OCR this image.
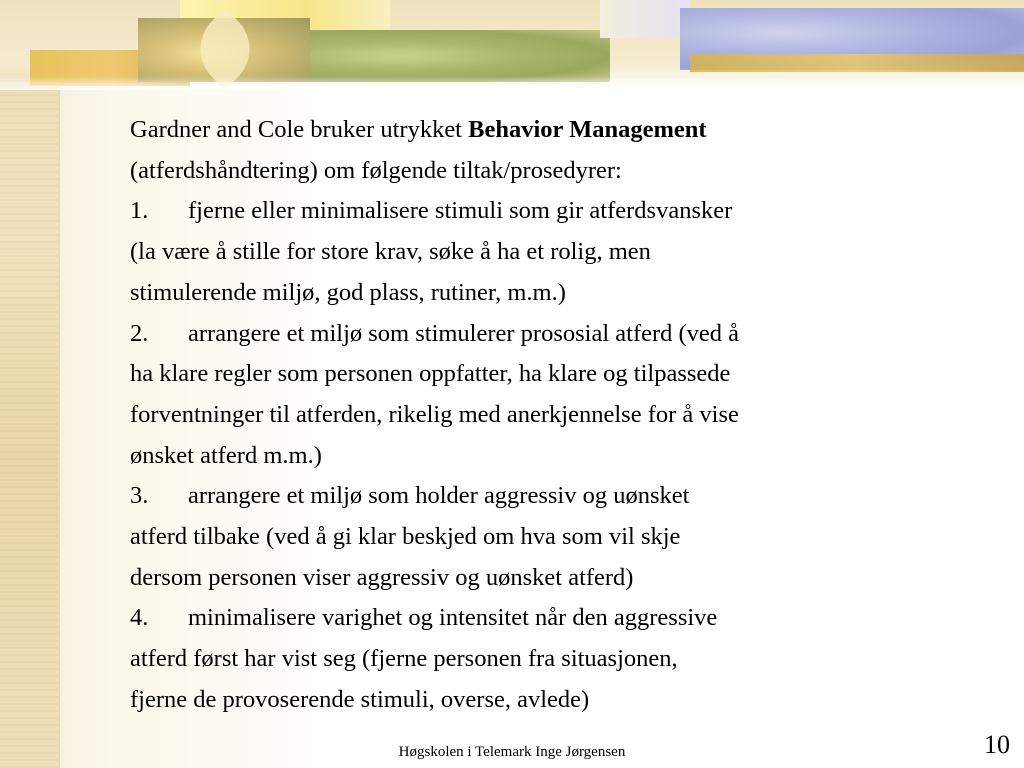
Gardner and Cole bruker utrykket Behavior Management

(atferdshåndtering) om følgende tiltak/prosedyrer:

1. fjerne eller minimalisere stimuli som gir atferdsvansker

(la være å stille for store krav, søke å ha et rolig, men

stimulerende miljø, god plass, rutiner, m.m.)

2. arrangere et miljø som stimulerer prososial atferd (ved å

ha klare regler som personen oppfatter, ha klare og tilpassede

forventninger til atferden, rikelig med anerkjennelse for å vise

ønsket atferd m.m.)

3. arrangere et miljø som holder aggressiv og uønsket

atferd tilbake (ved å gi klar beskjed om hva som vil skje

dersom personen viser aggressiv og uønsket atferd)

4. minimalisere varighet og intensitet når den aggressive

atferd først har vist seg (fjerne personen fra situasjonen,

fjerne de provoserende stimuli, overse, avlede)

Høgskolen i Telemark Inge Jørgensen	10
